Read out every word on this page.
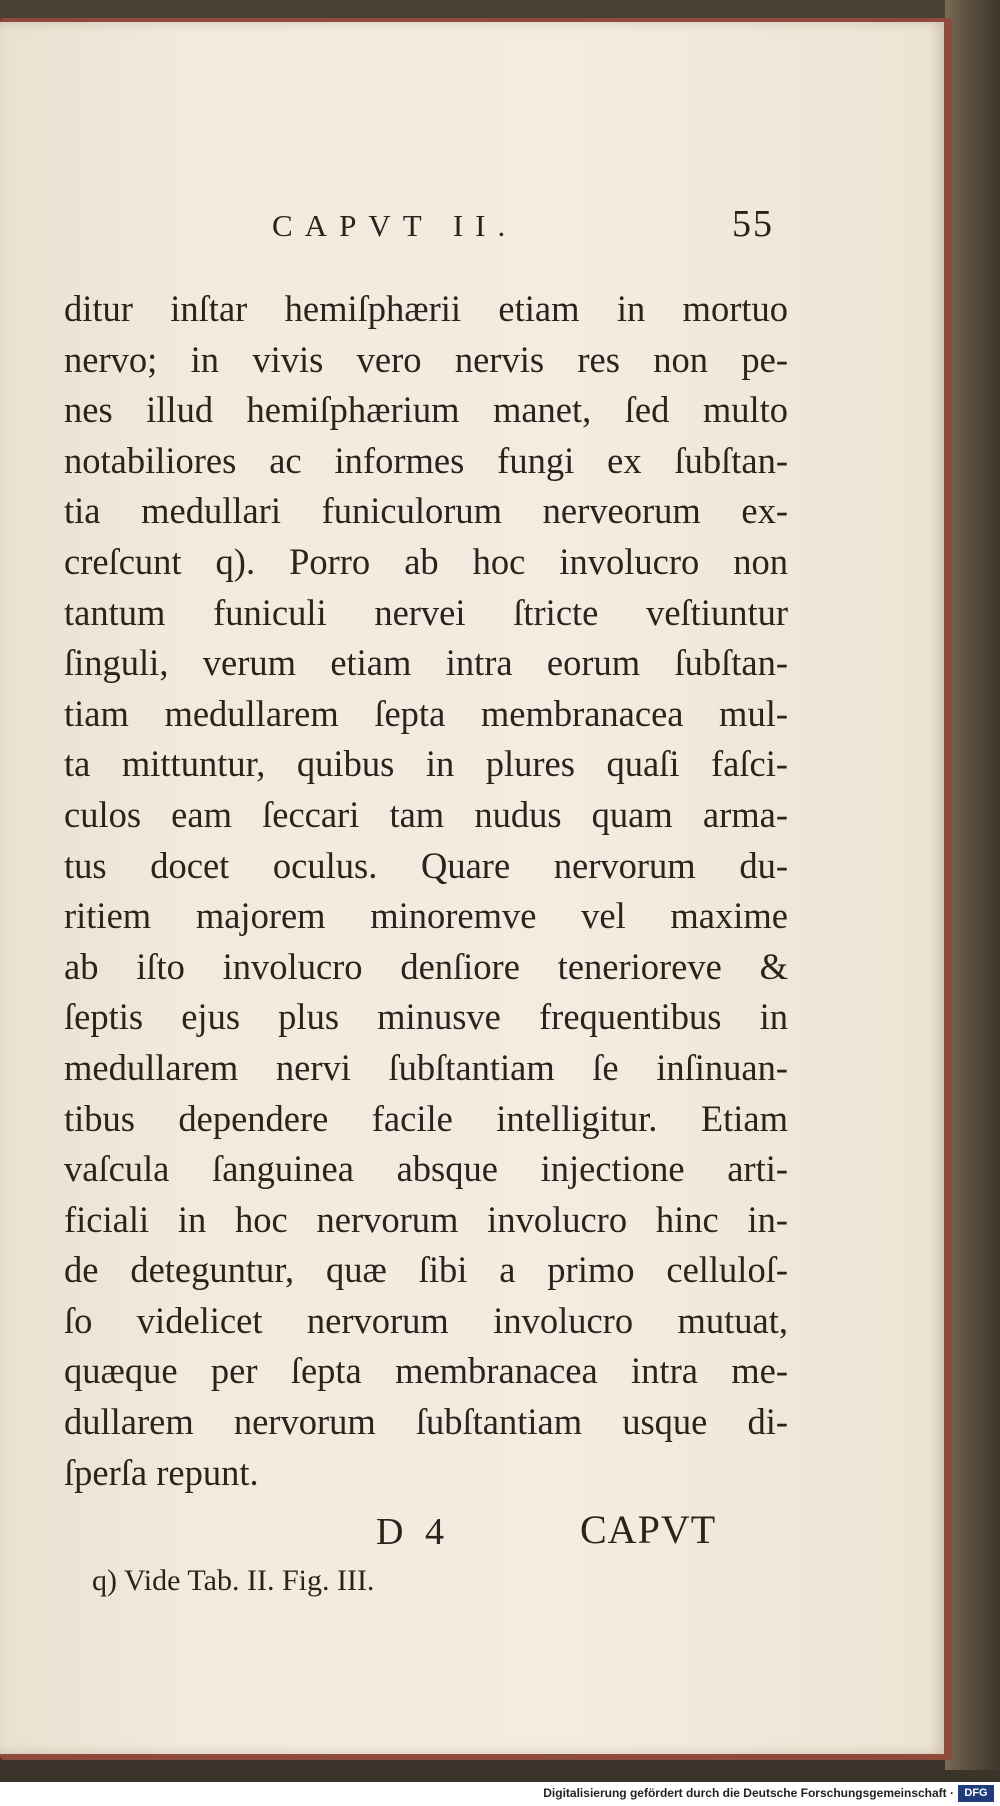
CAPVT II.	55
ditur inſtar hemiſphærii etiam in mortuo
nervo; in vivis vero nervis res non pe-
nes illud hemiſphærium manet, ſed multo
notabiliores ac informes fungi ex ſubſtan-
tia medullari funiculorum nerveorum ex-
creſcunt q). Porro ab hoc involucro non
tantum funiculi nervei ſtricte veſtiuntur
ſinguli, verum etiam intra eorum ſubſtan-
tiam medullarem ſepta membranacea mul-
ta mittuntur, quibus in plures quaſi faſci-
culos eam ſeccari tam nudus quam arma-
tus docet oculus. Quare nervorum du-
ritiem majorem minoremve vel maxime
ab iſto involucro denſiore tenerioreve &
ſeptis ejus plus minusve frequentibus in
medullarem nervi ſubſtantiam ſe inſinuan-
tibus dependere facile intelligitur. Etiam
vaſcula ſanguinea absque injectione arti-
ficiali in hoc nervorum involucro hinc in-
de deteguntur, quæ ſibi a primo celluloſ-
ſo videlicet nervorum involucro mutuat,
quæque per ſepta membranacea intra me-
dullarem nervorum ſubſtantiam usque di-
ſperſa repunt.
D 4	CAPVT
q) Vide Tab. II. Fig. III.
Digitalisierung gefördert durch die Deutsche Forschungsgemeinschaft · DFG
